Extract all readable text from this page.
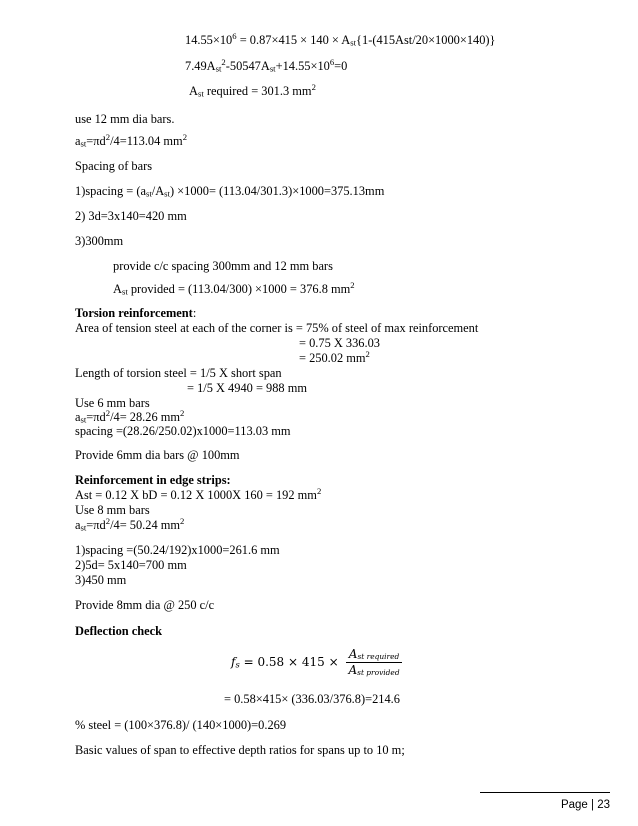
$14.55\times 10^6 = 0.87\times 415 \times 140 \times A_{st}\{1-(415Ast/20\times 1000\times 140)\}$
$7.49A_{st}^2-50547A_{st}+14.55\times 10^6=0$
$A_{st}$ required = 301.3 $mm^2$
use 12 mm dia bars.
$a_{st}=\pi d^2/4=113.04$ $mm^2$
Spacing of bars
1)spacing = $(a_{st}/A_{st}) \times 1000= (113.04/301.3)\times 1000=375.13mm$
2) 3d=3x140=420 mm
3)300mm
provide c/c spacing 300mm and 12 mm bars
$A_{st}$ provided = (113.04/300) ×1000 = 376.8 $mm^2$
Torsion reinforcement:
Area of tension steel at each of the corner is = 75% of steel of max reinforcement
= 0.75 X 336.03
= 250.02 $mm^2$
Length of torsion steel = 1/5 X short span
= 1/5 X 4940 = 988 mm
Use 6 mm bars
$a_{st}=\pi d^2/4= 28.26$ $mm^2$
spacing =(28.26/250.02)x1000=113.03 mm
Provide 6mm dia bars @ 100mm
Reinforcement in edge strips:
Ast = 0.12 X bD = 0.12 X 1000X 160 = 192 $mm^2$
Use 8 mm bars
$a_{st}=\pi d^2/4= 50.24$ $mm^2$
1)spacing =(50.24/192)x1000=261.6 mm
2)5d= 5x140=700 mm
3)450 mm
Provide 8mm dia @ 250 c/c
Deflection check
$f_s = 0.58 \times 415 \times \frac{A_{st required}}{A_{st provided}}$
= 0.58×415× (336.03/376.8)=214.6
% steel = (100×376.8)/ (140×1000)=0.269
Basic values of span to effective depth ratios for spans up to 10 m;
Page | 23
